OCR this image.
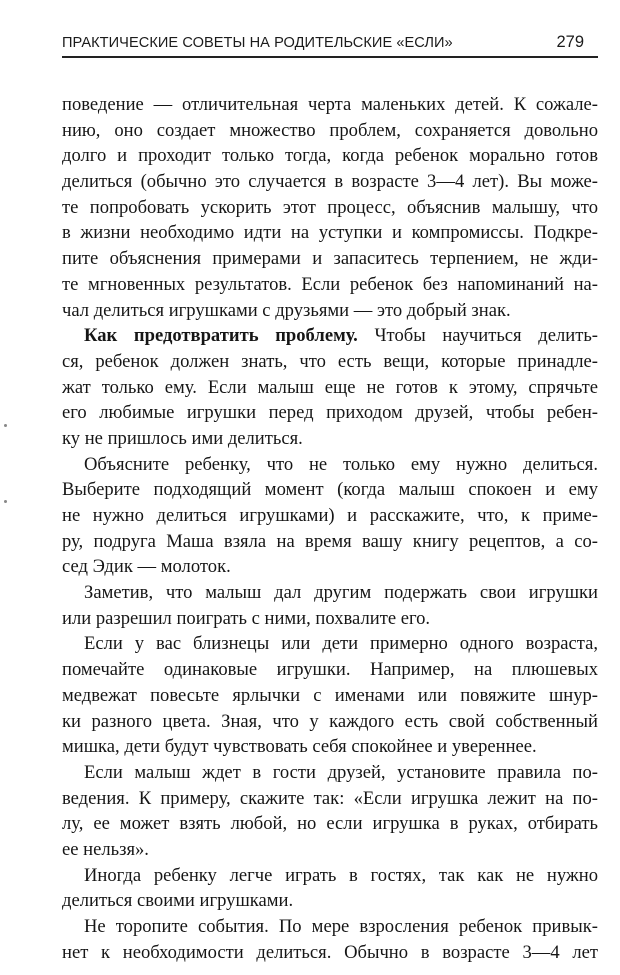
ПРАКТИЧЕСКИЕ СОВЕТЫ НА РОДИТЕЛЬСКИЕ «ЕСЛИ»	279
поведение — отличительная черта маленьких детей. К сожале-
нию, оно создает множество проблем, сохраняется довольно
долго и проходит только тогда, когда ребенок морально готов
делиться (обычно это случается в возрасте 3—4 лет). Вы може-
те попробовать ускорить этот процесс, объяснив малышу, что
в жизни необходимо идти на уступки и компромиссы. Подкре-
пите объяснения примерами и запаситесь терпением, не жди-
те мгновенных результатов. Если ребенок без напоминаний на-
чал делиться игрушками с друзьями — это добрый знак.
Как предотвратить проблему. Чтобы научиться делить-
ся, ребенок должен знать, что есть вещи, которые принадле-
жат только ему. Если малыш еще не готов к этому, спрячьте
его любимые игрушки перед приходом друзей, чтобы ребен-
ку не пришлось ими делиться.
Объясните ребенку, что не только ему нужно делиться.
Выберите подходящий момент (когда малыш спокоен и ему
не нужно делиться игрушками) и расскажите, что, к приме-
ру, подруга Маша взяла на время вашу книгу рецептов, а со-
сед Эдик — молоток.
Заметив, что малыш дал другим подержать свои игрушки
или разрешил поиграть с ними, похвалите его.
Если у вас близнецы или дети примерно одного возраста,
помечайте одинаковые игрушки. Например, на плюшевых
медвежат повесьте ярлычки с именами или повяжите шнур-
ки разного цвета. Зная, что у каждого есть свой собственный
мишка, дети будут чувствовать себя спокойнее и увереннее.
Если малыш ждет в гости друзей, установите правила по-
ведения. К примеру, скажите так: «Если игрушка лежит на по-
лу, ее может взять любой, но если игрушка в руках, отбирать
ее нельзя».
Иногда ребенку легче играть в гостях, так как не нужно
делиться своими игрушками.
Не торопите события. По мере взросления ребенок привык-
нет к необходимости делиться. Обычно в возрасте 3—4 лет
